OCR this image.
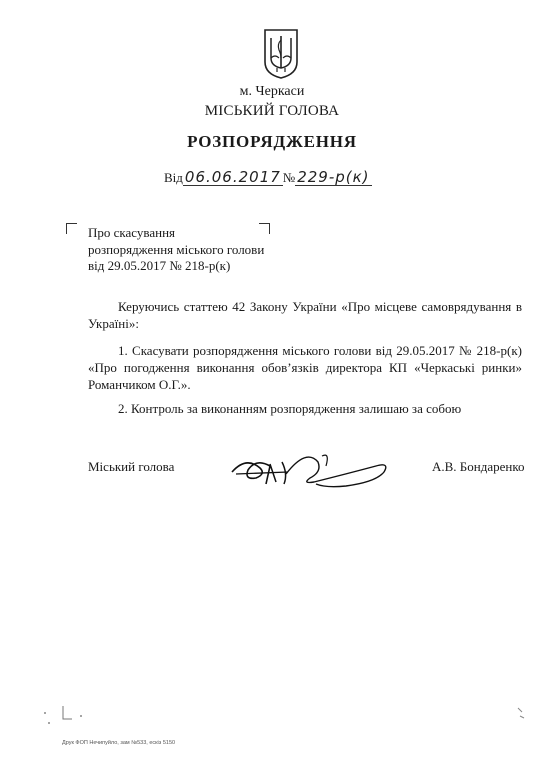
м. Черкаси
МІСЬКИЙ ГОЛОВА
РОЗПОРЯДЖЕННЯ
Від 06.06.2017 № 229-р(к)
Про скасування
розпорядження міського голови
від 29.05.2017 № 218-р(к)
Керуючись статтею 42 Закону України «Про місцеве самоврядування в Україні»:
1. Скасувати розпорядження міського голови від 29.05.2017 № 218-р(к) «Про погодження виконання обов’язків директора КП «Черкаські ринки» Романчиком О.Г.».
2. Контроль за виконанням розпорядження залишаю за собою
Міський голова	А.В. Бондаренко
Друк ФОП Нечипуйло, зам №533, ескіз 5150
